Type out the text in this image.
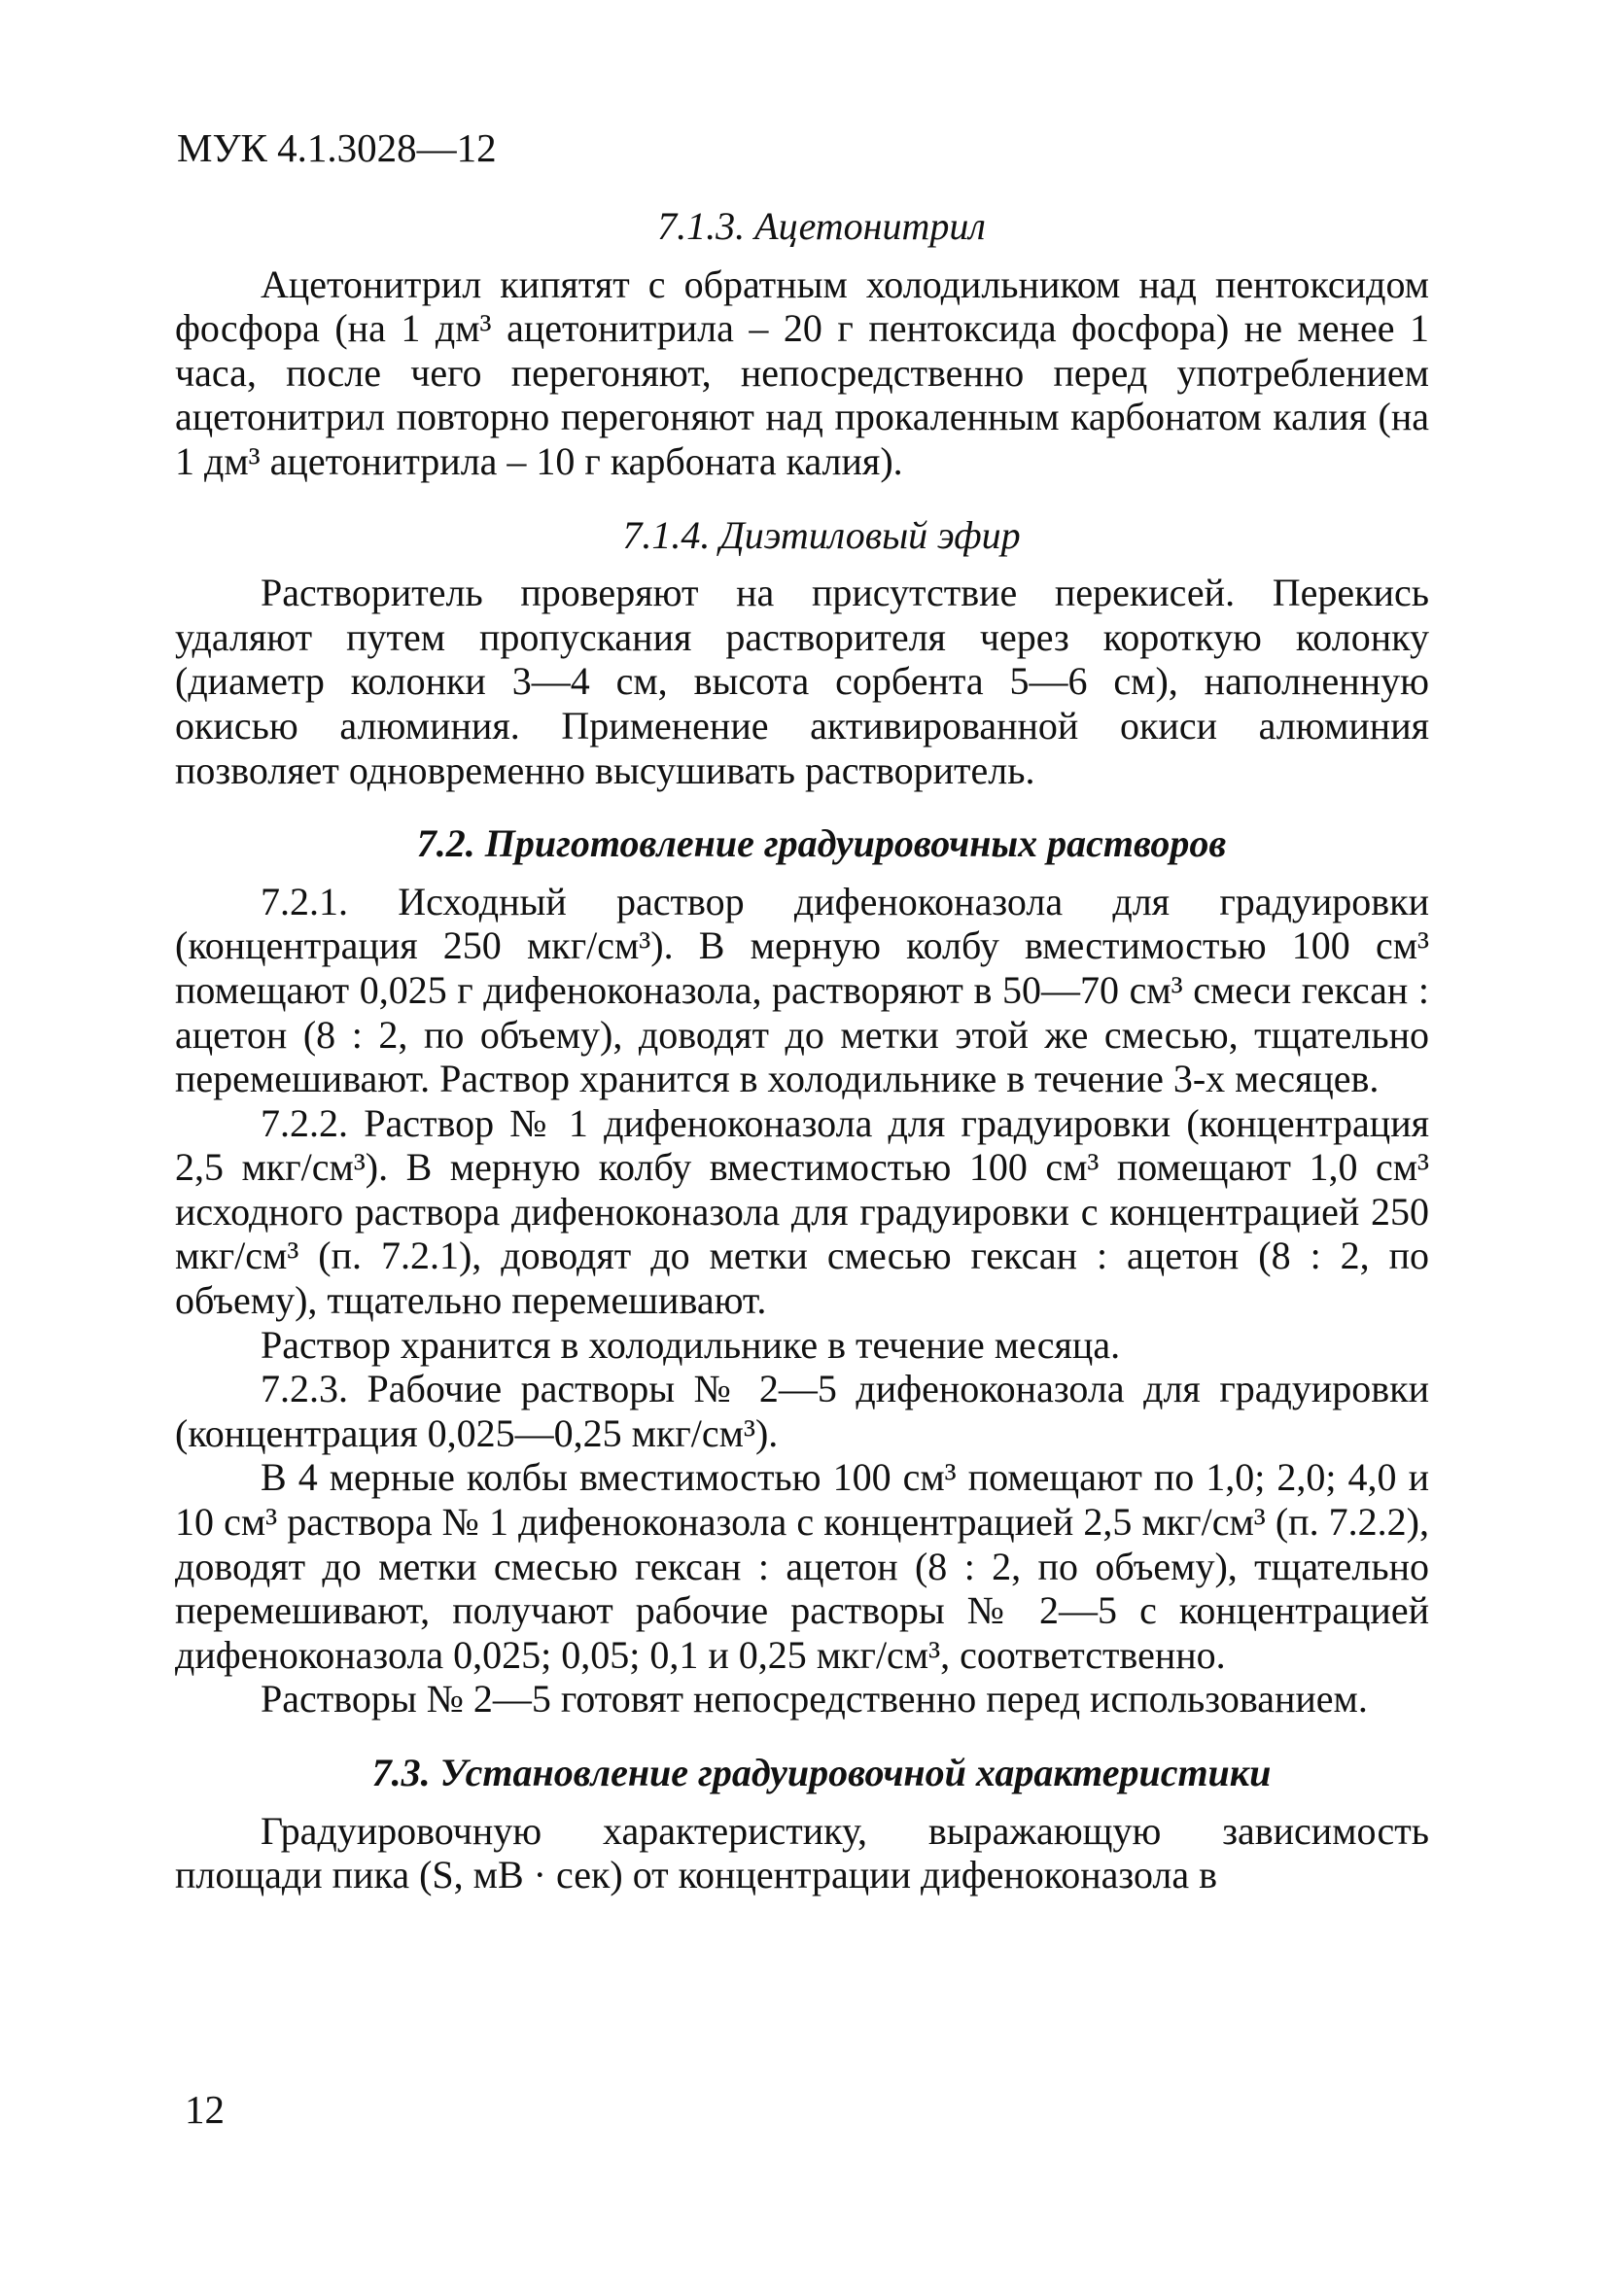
МУК 4.1.3028—12
7.1.3. Ацетонитрил

Ацетонитрил кипятят с обратным холодильником над пентоксидом фосфора (на 1 дм³ ацетонитрила – 20 г пентоксида фосфора) не менее 1 часа, после чего перегоняют, непосредственно перед употреблением ацетонитрил повторно перегоняют над прокаленным карбонатом калия (на 1 дм³ ацетонитрила – 10 г карбоната калия).

7.1.4. Диэтиловый эфир

Растворитель проверяют на присутствие перекисей. Перекись удаляют путем пропускания растворителя через короткую колонку (диаметр колонки 3—4 см, высота сорбента 5—6 см), наполненную окисью алюминия. Применение активированной окиси алюминия позволяет одновременно высушивать растворитель.

7.2. Приготовление градуировочных растворов

7.2.1. Исходный раствор дифеноконазола для градуировки (концентрация 250 мкг/см³). В мерную колбу вместимостью 100 см³ помещают 0,025 г дифеноконазола, растворяют в 50—70 см³ смеси гексан : ацетон (8 : 2, по объему), доводят до метки этой же смесью, тщательно перемешивают. Раствор хранится в холодильнике в течение 3-х месяцев.

7.2.2. Раствор № 1 дифеноконазола для градуировки (концентрация 2,5 мкг/см³). В мерную колбу вместимостью 100 см³ помещают 1,0 см³ исходного раствора дифеноконазола для градуировки с концентрацией 250 мкг/см³ (п. 7.2.1), доводят до метки смесью гексан : ацетон (8 : 2, по объему), тщательно перемешивают.

Раствор хранится в холодильнике в течение месяца.

7.2.3. Рабочие растворы № 2—5 дифеноконазола для градуировки (концентрация 0,025—0,25 мкг/см³).

В 4 мерные колбы вместимостью 100 см³ помещают по 1,0; 2,0; 4,0 и 10 см³ раствора № 1 дифеноконазола с концентрацией 2,5 мкг/см³ (п. 7.2.2), доводят до метки смесью гексан : ацетон (8 : 2, по объему), тщательно перемешивают, получают рабочие растворы № 2—5 с концентрацией дифеноконазола 0,025; 0,05; 0,1 и 0,25 мкг/см³, соответственно.

Растворы № 2—5 готовят непосредственно перед использованием.

7.3. Установление градуировочной характеристики

Градуировочную характеристику, выражающую зависимость площади пика (S, мВ · сек) от концентрации дифеноконазола в

12
